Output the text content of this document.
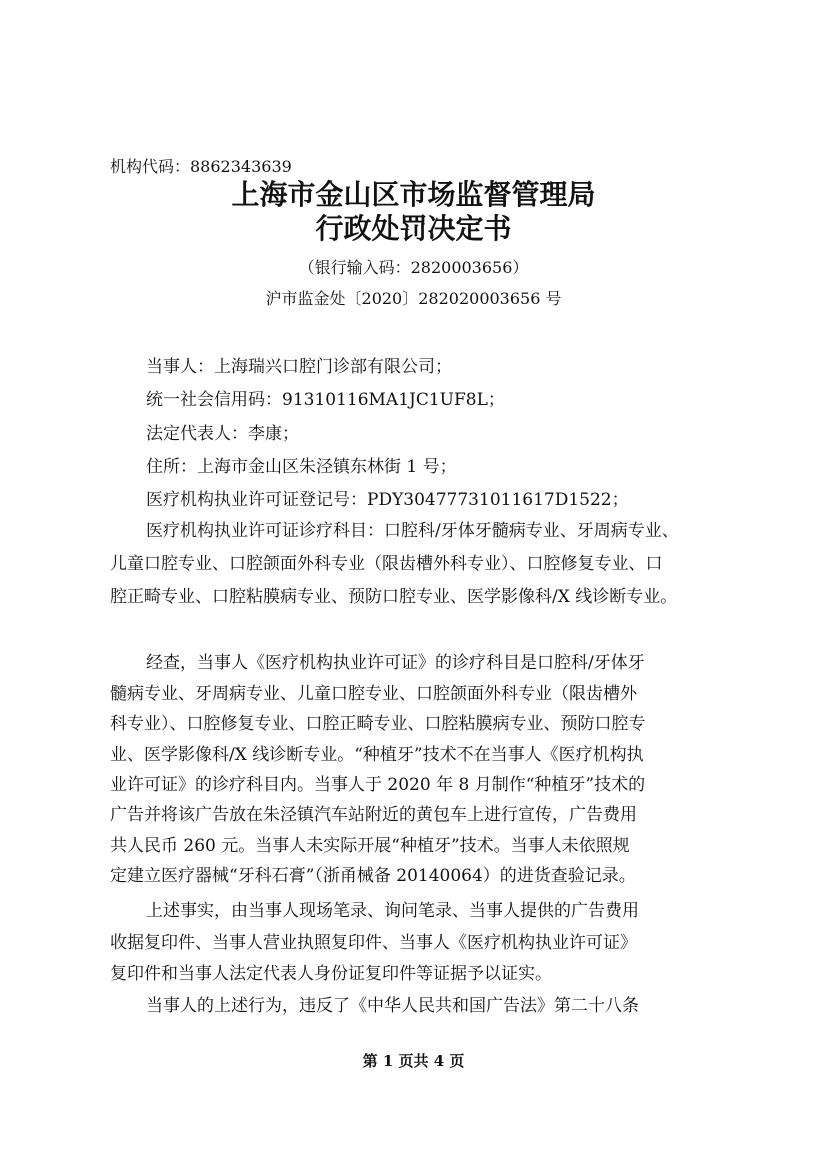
机构代码：8862343639
上海市金山区市场监督管理局
行政处罚决定书
（银行输入码：2820003656）
沪市监金处〔2020〕282020003656 号
当事人：上海瑞兴口腔门诊部有限公司；
统一社会信用码：91310116MA1JC1UF8L；
法定代表人：李康；
住所：上海市金山区朱泾镇东林街 1 号；
医疗机构执业许可证登记号：PDY30477731011617D1522；
医疗机构执业许可证诊疗科目：口腔科/牙体牙髓病专业、牙周病专业、
儿童口腔专业、口腔颌面外科专业（限齿槽外科专业）、口腔修复专业、口
腔正畸专业、口腔粘膜病专业、预防口腔专业、医学影像科/X 线诊断专业。
经查，当事人《医疗机构执业许可证》的诊疗科目是口腔科/牙体牙
髓病专业、牙周病专业、儿童口腔专业、口腔颌面外科专业（限齿槽外
科专业）、口腔修复专业、口腔正畸专业、口腔粘膜病专业、预防口腔专
业、医学影像科/X 线诊断专业。“种植牙”技术不在当事人《医疗机构执
业许可证》的诊疗科目内。当事人于 2020 年 8 月制作“种植牙”技术的
广告并将该广告放在朱泾镇汽车站附近的黄包车上进行宣传，广告费用
共人民币 260 元。当事人未实际开展“种植牙”技术。当事人未依照规
定建立医疗器械“牙科石膏”（浙甬械备 20140064）的进货查验记录。
上述事实，由当事人现场笔录、询问笔录、当事人提供的广告费用
收据复印件、当事人营业执照复印件、当事人《医疗机构执业许可证》
复印件和当事人法定代表人身份证复印件等证据予以证实。
当事人的上述行为，违反了《中华人民共和国广告法》第二十八条
第 1 页共 4 页
